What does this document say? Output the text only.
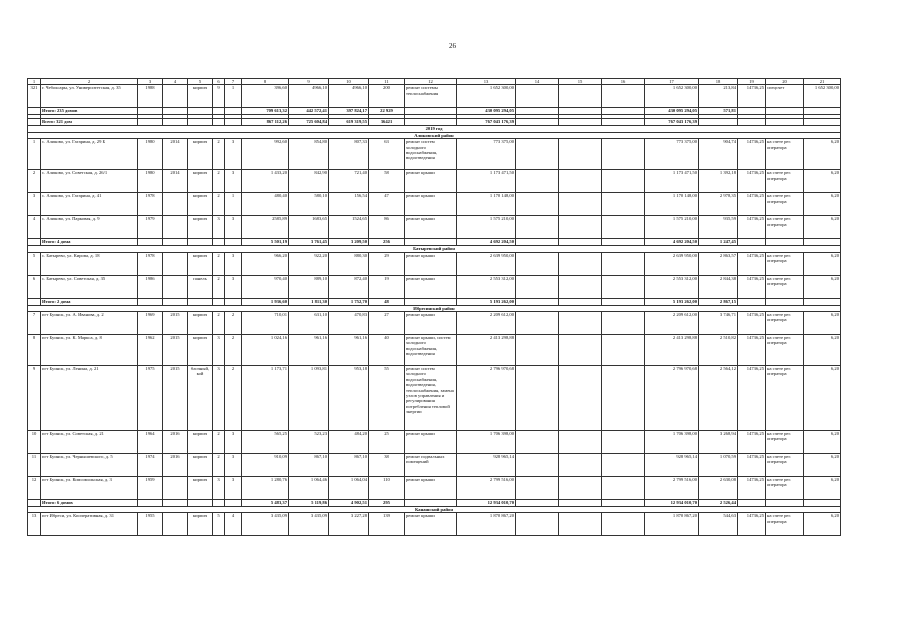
26
1	2	3	4	5	6	7	8	9	10	11	12	13	14	15	16	17	18	19	20	21
321	г. Чебоксары, ул. Университетская, д. 35	1988		кирпич	9	1	396,60	4966,10	4966,10	200	ремонт системы теплоснабжения	1 652 300,00				1 652 300,00	213,84	14736,25	спецсчет	1 652 300,00
	Итого: 235 домов						709 613,32	442 572,41	397 824,17	22 929		430 095 294,05				430 095 294,05	571,81			

	Всего: 321 дом						867 112,26	725 604,84	619 319,55	36421		767 043 176,39				767 043 176,39				
2019 год																				
Аликовский район																				
1	с. Аликово, ул. Гагарина, д. 29 Б	1980	2014	кирпич	2	3	992,60	854,80	807,33	63	ремонт систем холодного водоснабжения, водоотведения	773 375,00				773 375,00	904,74	14736,25	на счете рег. оператора	6,20
2	с. Аликово, ул. Советская, д. 26/1	1980	2014	кирпич	2	3	1 433,20	842,90	721,40	58	ремонт крыши	1 173 471,50				1 173 471,50	1 392,18	14736,25	на счете рег. оператора	6,20
3	с. Аликово, ул. Гагарина, д. 41	1978		кирпич	2	1	480,40	580,10	156,54	47	ремонт крыши	1 170 148,00				1 170 148,00	2 978,35	14736,25	на счете рег. оператора	6,20
4	с. Аликово, ул. Парковая, д. 9	1979		кирпич	3	3	2585,89	1683,65	1524,65	86	ремонт крыши	1 575 210,00				1 575 210,00	935,59	14736,25	на счете рег. оператора	6,20
	Итого: 4 дома						5 501,19	3 761,45	3 209,50	256		4 692 204,50				4 692 204,50	1 247,45			
Батыревский район																				
5	с. Батырево, ул. Кирова, д. 18	1978		кирпич	2	3	966,20	922,20	880,30	29	ремонт крыши	2 639 950,00				2 639 950,00	2 863,57	14736,25	на счете рег. оператора	6,20
6	с. Батырево, ул. Советская, д. 35	1986		панель	2	3	970,40	889,10	872,40	19	ремонт крыши	2 553 312,00				2 553 312,00	2 844,38	14736,25	на счете рег. оператора	6,20
	Итого: 2 дома						1 936,60	1 811,30	1 752,70	48		5 193 262,00				5 193 262,00	2 867,15			
Ибресинский район																				
7	пгт Буинск, ул. А. Иванова, д. 2	1969	2015	кирпич	2	2	710,01	631,10	470,83	27	ремонт крыши	2 209 612,00				2 209 612,00	3 746,71	14736,25	на счете рег. оператора	6,20
8	пгт Буинск, ул. К. Маркса, д. 8	1962	2015	кирпич	3	2	1 024,16	961,16	961,16	40	ремонт крыши, систем холодного водоснабжения, водоотведения	2 413 298,88				2 413 298,88	2 510,82	14736,25	на счете рег. оператора	6,20
9	пгт Буинск, ул. Ленина, д. 21	1975	2015	блочный, кой	3	2	1 173,71	1 093,81	953,18	55	ремонт систем холодного водоснабжения, водоотведения, теплоснабжения, замена узлов управления и регулирования потребления тепловой энергии	2 796 970,68				2 796 970,68	2 564,12	14736,25	на счете рег. оператора	6,20
10	пгт Буинск, ул. Советская, д. 21	1964	2016	кирпич	2	3	565,25	523,23	484,20	25	ремонт крыши	1 706 398,00				1 706 398,00	3 268,94	14736,25	на счете рег. оператора	6,20
11	пгт Буинск, ул. Чернышевского, д. 5	1974	2016	кирпич	2	3	910,09	867,10	867,10	38	ремонт подвальных помещений	928 965,14				928 965,14	1 070,59	14736,25	на счете рег. оператора	6,20
12	пгт Буинск, ул. Комсомольская, д. 3	1959		кирпич	3	3	1 280,76	1 064,46	1 064,04	110	ремонт крыши	2 799 516,00				2 799 516,00	2 630,08	14736,25	на счете рег. оператора	6,20
	Итого: 6 домов						5 483,37	5 119,86	4 902,51	295		12 934 010,70				12 934 010,70	2 526,44			
Канашский район																				
13	пгт Ибреси, ул. Кооперативная, д. 31	1955		кирпич	5	4	3 435,09	3 435,09	3 227,28	139	ремонт крыши	1 870 867,20				1 870 867,20	544,63	14736,25	на счете рег. оператора	6,20
